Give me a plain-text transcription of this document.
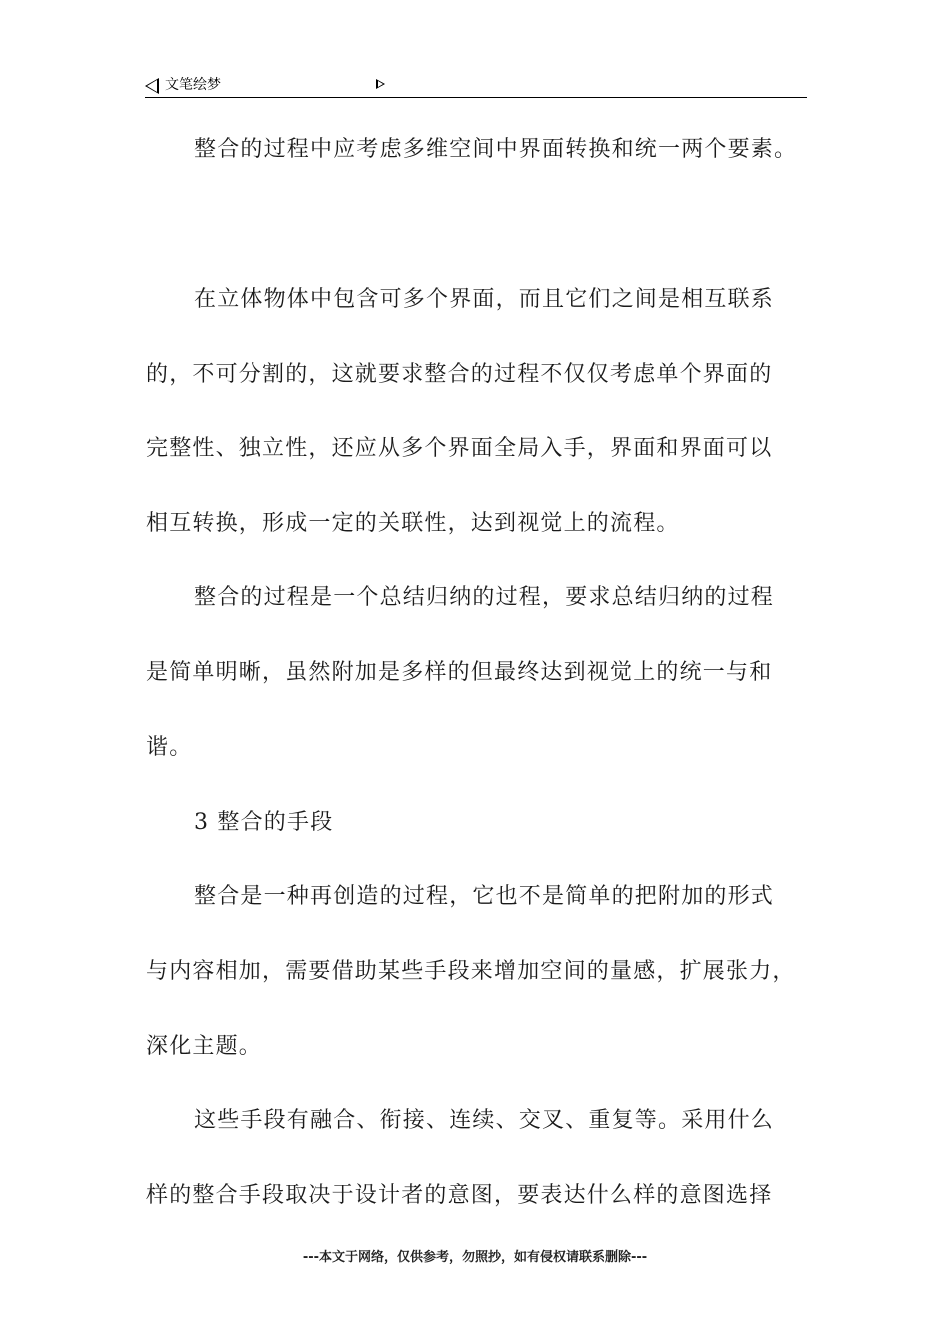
文笔绘梦
整合的过程中应考虑多维空间中界面转换和统一两个要素。
在立体物体中包含可多个界面，而且它们之间是相互联系
的，不可分割的，这就要求整合的过程不仅仅考虑单个界面的
完整性、独立性，还应从多个界面全局入手，界面和界面可以
相互转换，形成一定的关联性，达到视觉上的流程。
整合的过程是一个总结归纳的过程，要求总结归纳的过程
是简单明晰，虽然附加是多样的但最终达到视觉上的统一与和
谐。
3 整合的手段
整合是一种再创造的过程，它也不是简单的把附加的形式
与内容相加，需要借助某些手段来增加空间的量感，扩展张力，
深化主题。
这些手段有融合、衔接、连续、交叉、重复等。采用什么
样的整合手段取决于设计者的意图，要表达什么样的意图选择
---本文于网络，仅供参考，勿照抄，如有侵权请联系删除---
